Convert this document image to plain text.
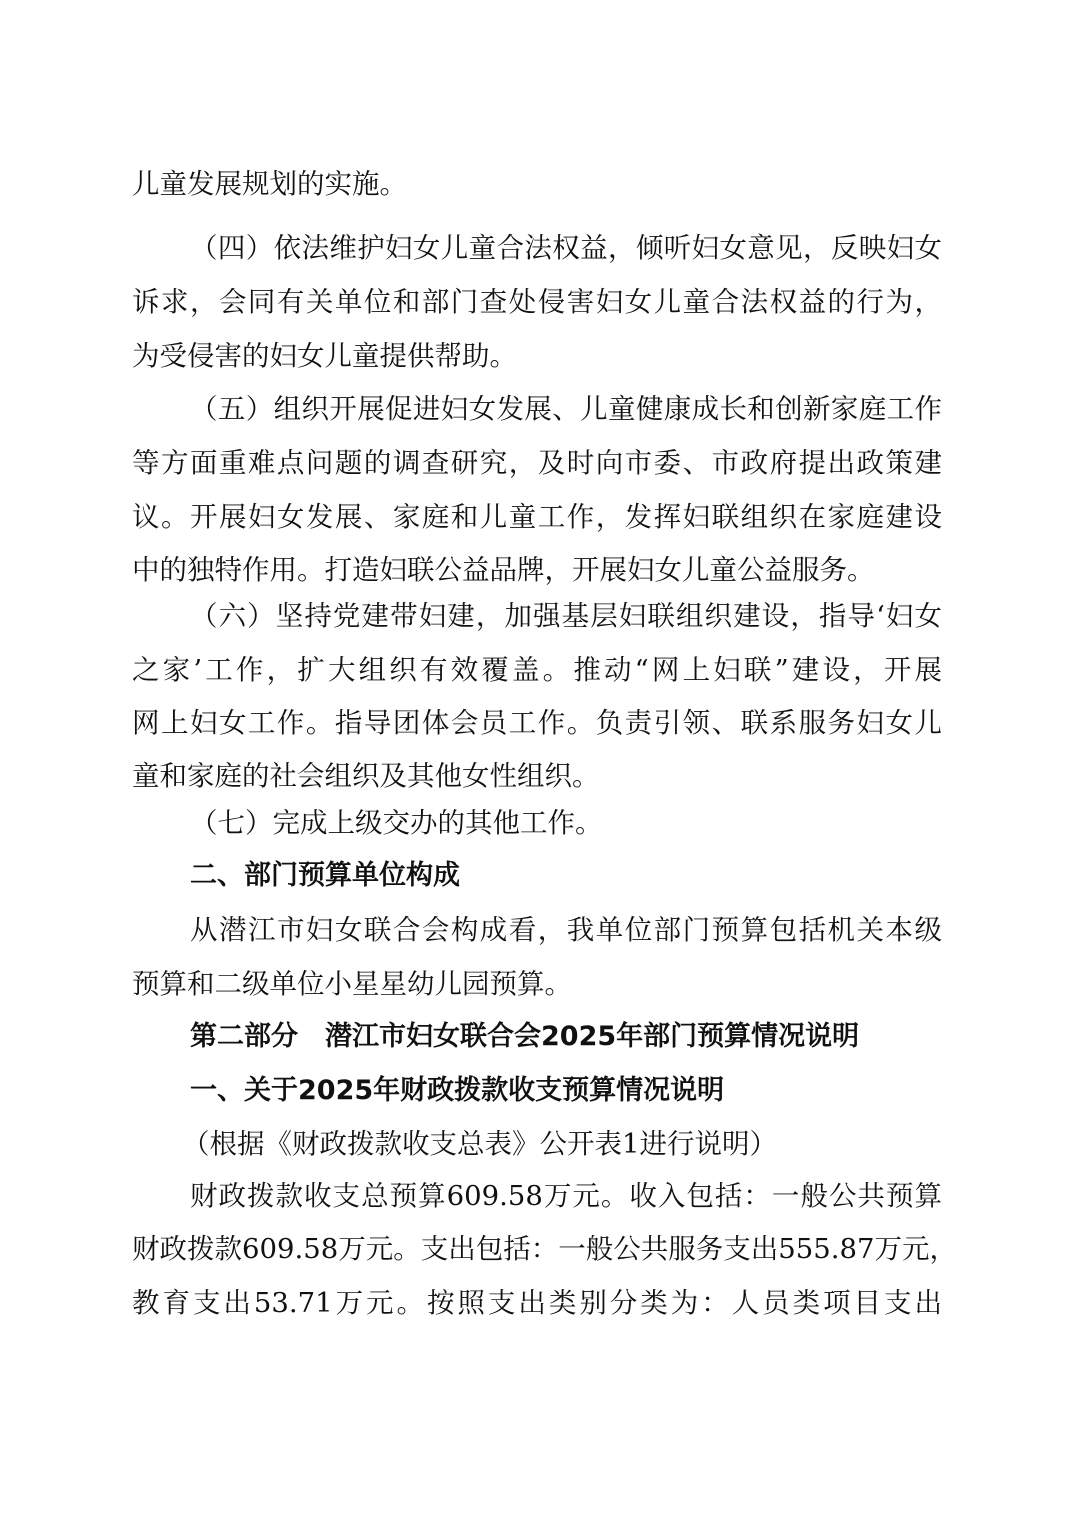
儿童发展规划的实施。
（四）依法维护妇女儿童合法权益，倾听妇女意见，反映妇女
诉求，会同有关单位和部门查处侵害妇女儿童合法权益的行为，
为受侵害的妇女儿童提供帮助。
（五）组织开展促进妇女发展、儿童健康成长和创新家庭工作
等方面重难点问题的调查研究，及时向市委、市政府提出政策建
议。开展妇女发展、家庭和儿童工作，发挥妇联组织在家庭建设
中的独特作用。打造妇联公益品牌，开展妇女儿童公益服务。
（六）坚持党建带妇建，加强基层妇联组织建设，指导‘妇女
之家’工作，扩大组织有效覆盖。推动“网上妇联”建设，开展
网上妇女工作。指导团体会员工作。负责引领、联系服务妇女儿
童和家庭的社会组织及其他女性组织。
（七）完成上级交办的其他工作。
二、部门预算单位构成
从潜江市妇女联合会构成看，我单位部门预算包括机关本级
预算和二级单位小星星幼儿园预算。
第二部分　潜江市妇女联合会2025年部门预算情况说明
一、关于2025年财政拨款收支预算情况说明
（根据《财政拨款收支总表》公开表1进行说明）
财政拨款收支总预算609.58万元。收入包括：一般公共预算
财政拨款609.58万元。支出包括：一般公共服务支出555.87万元，
教育支出53.71万元。按照支出类别分类为：人员类项目支出
